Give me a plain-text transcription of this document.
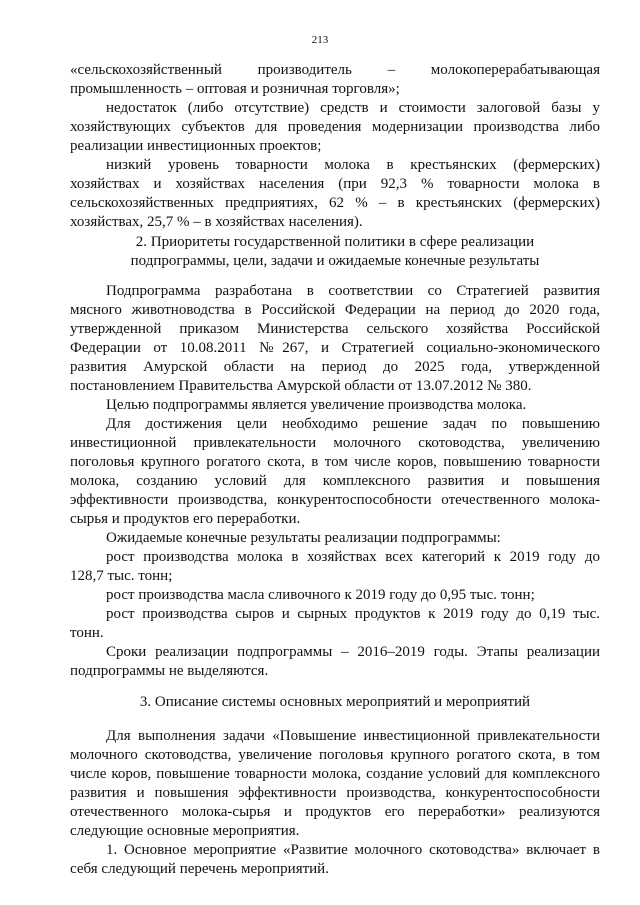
213
«сельскохозяйственный производитель – молокоперерабатывающая
промышленность – оптовая и розничная торговля»;
недостаток (либо отсутствие) средств и стоимости залоговой базы у
хозяйствующих субъектов для проведения модернизации производства либо
реализации инвестиционных проектов;
низкий уровень товарности молока в крестьянских (фермерских)
хозяйствах и хозяйствах населения (при 92,3 % товарности молока в
сельскохозяйственных предприятиях, 62 % – в крестьянских (фермерских)
хозяйствах, 25,7 % – в хозяйствах населения).
2. Приоритеты государственной политики в сфере реализации
подпрограммы, цели, задачи и ожидаемые конечные результаты
Подпрограмма разработана в соответствии со Стратегией развития
мясного животноводства в Российской Федерации на период до 2020 года,
утвержденной приказом Министерства сельского хозяйства Российской
Федерации от 10.08.2011 №267, и Стратегией социально-экономического
развития Амурской области на период до 2025 года, утвержденной
постановлением Правительства Амурской области от 13.07.2012 № 380.
Целью подпрограммы является увеличение производства молока.
Для достижения цели необходимо решение задач по повышению
инвестиционной привлекательности молочного скотоводства, увеличению
поголовья крупного рогатого скота, в том числе коров, повышению товарности
молока, созданию условий для комплексного развития и повышения
эффективности производства, конкурентоспособности отечественного молока-
сырья и продуктов его переработки.
Ожидаемые конечные результаты реализации подпрограммы:
рост производства молока в хозяйствах всех категорий к 2019 году до
128,7 тыс. тонн;
рост производства масла сливочного к 2019 году до 0,95 тыс. тонн;
рост производства сыров и сырных продуктов к 2019 году до 0,19 тыс.
тонн.
Сроки реализации подпрограммы – 2016–2019 годы. Этапы реализации
подпрограммы не выделяются.
3. Описание системы основных мероприятий и мероприятий
Для выполнения задачи «Повышение инвестиционной привлекательности
молочного скотоводства, увеличение поголовья крупного рогатого скота, в том
числе коров, повышение товарности молока, создание условий для комплексного
развития и повышения эффективности производства, конкурентоспособности
отечественного молока-сырья и продуктов его переработки» реализуются
следующие основные мероприятия.
1. Основное мероприятие «Развитие молочного скотоводства» включает в
себя следующий перечень мероприятий.
